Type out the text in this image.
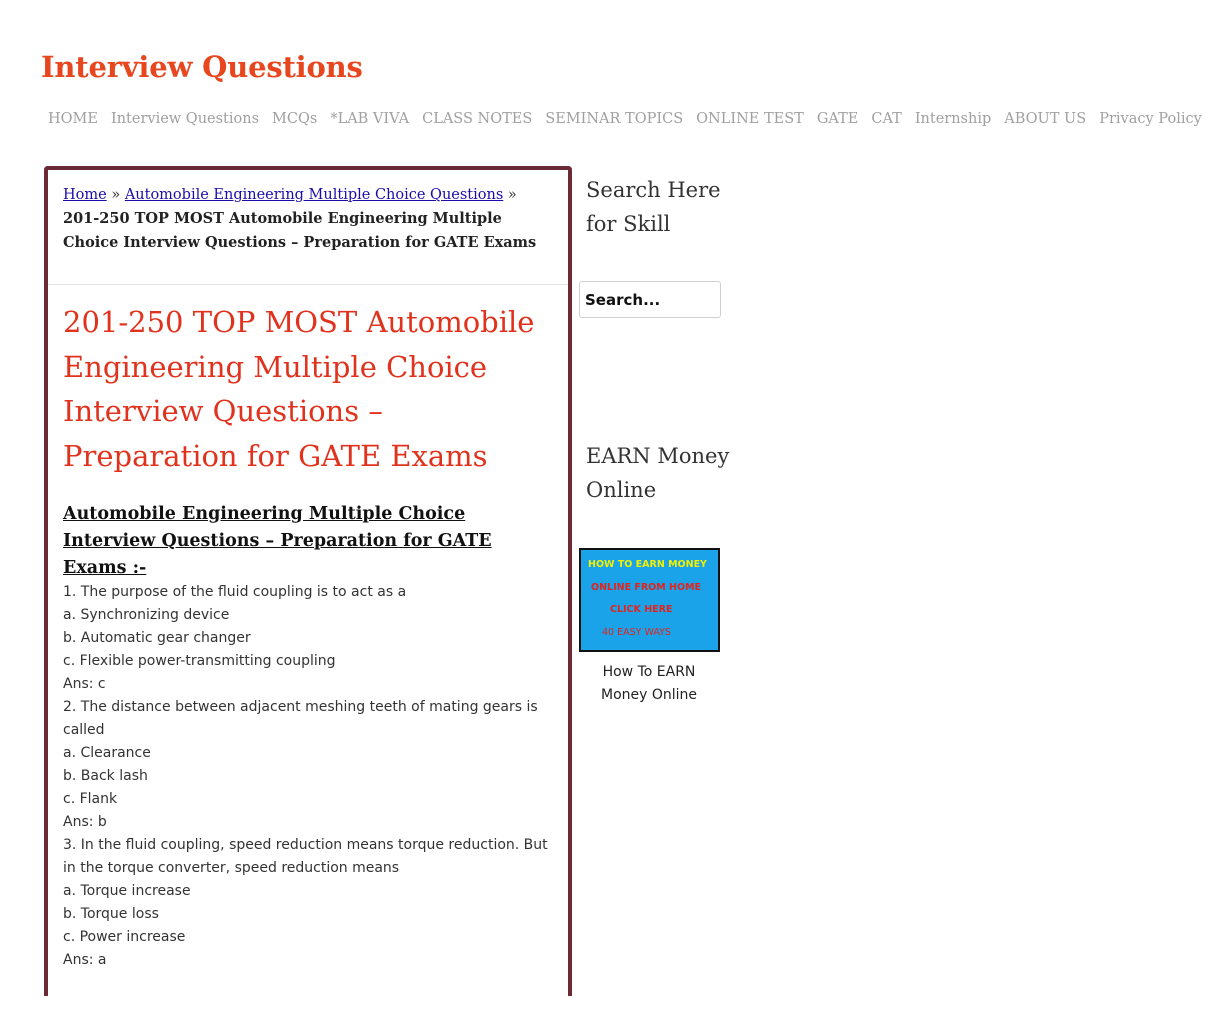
Interview Questions
HOME Interview Questions MCQs *LAB VIVA CLASS NOTES SEMINAR TOPICS ONLINE TEST GATE CAT Internship ABOUT US Privacy Policy
Home » Automobile Engineering Multiple Choice Questions » 201-250 TOP MOST Automobile Engineering Multiple Choice Interview Questions – Preparation for GATE Exams
201-250 TOP MOST Automobile Engineering Multiple Choice Interview Questions – Preparation for GATE Exams
Automobile Engineering Multiple Choice Interview Questions – Preparation for GATE Exams :-
1. The purpose of the fluid coupling is to act as a
a. Synchronizing device
b. Automatic gear changer
c. Flexible power-transmitting coupling
Ans: c
2. The distance between adjacent meshing teeth of mating gears is called
a. Clearance
b. Back lash
c. Flank
Ans: b
3. In the fluid coupling, speed reduction means torque reduction. But in the torque converter, speed reduction means
a. Torque increase
b. Torque loss
c. Power increase
Ans: a
Search Here for Skill
Search...
EARN Money Online
HOW TO EARN MONEY
ONLINE FROM HOME
CLICK HERE
40 EASY WAYS
How To EARN Money Online
